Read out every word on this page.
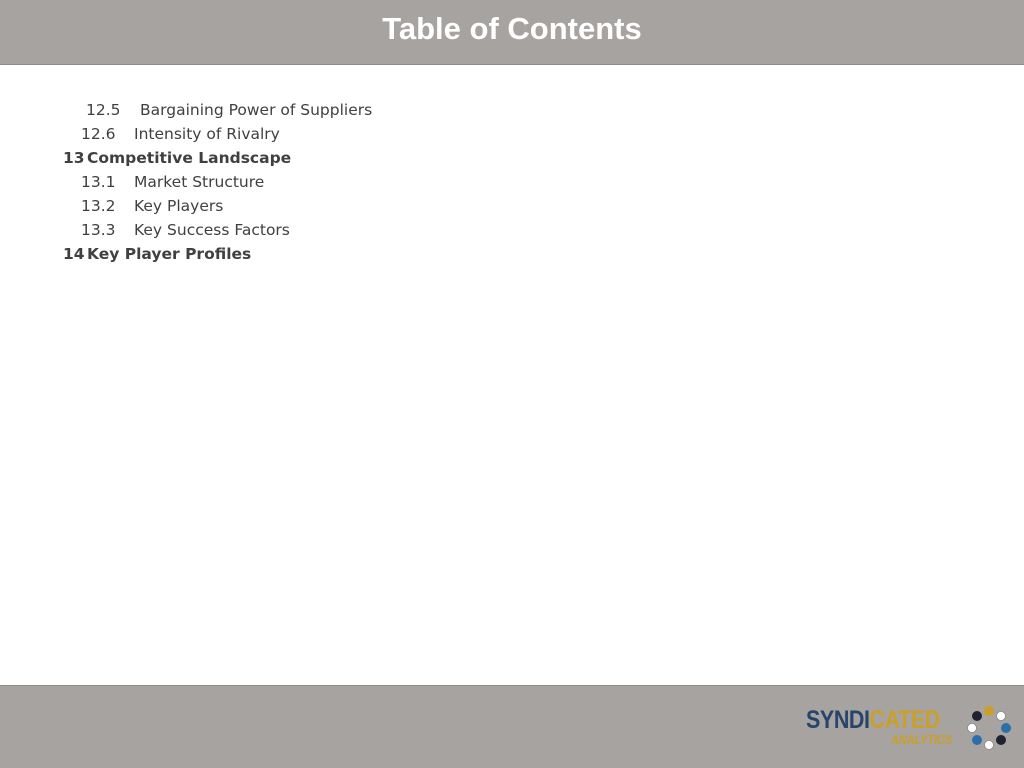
Table of Contents
12.5 Bargaining Power of Suppliers
12.6 Intensity of Rivalry
13 Competitive Landscape
13.1 Market Structure
13.2 Key Players
13.3 Key Success Factors
14 Key Player Profiles
SYNDICATED
ANALYTICS
